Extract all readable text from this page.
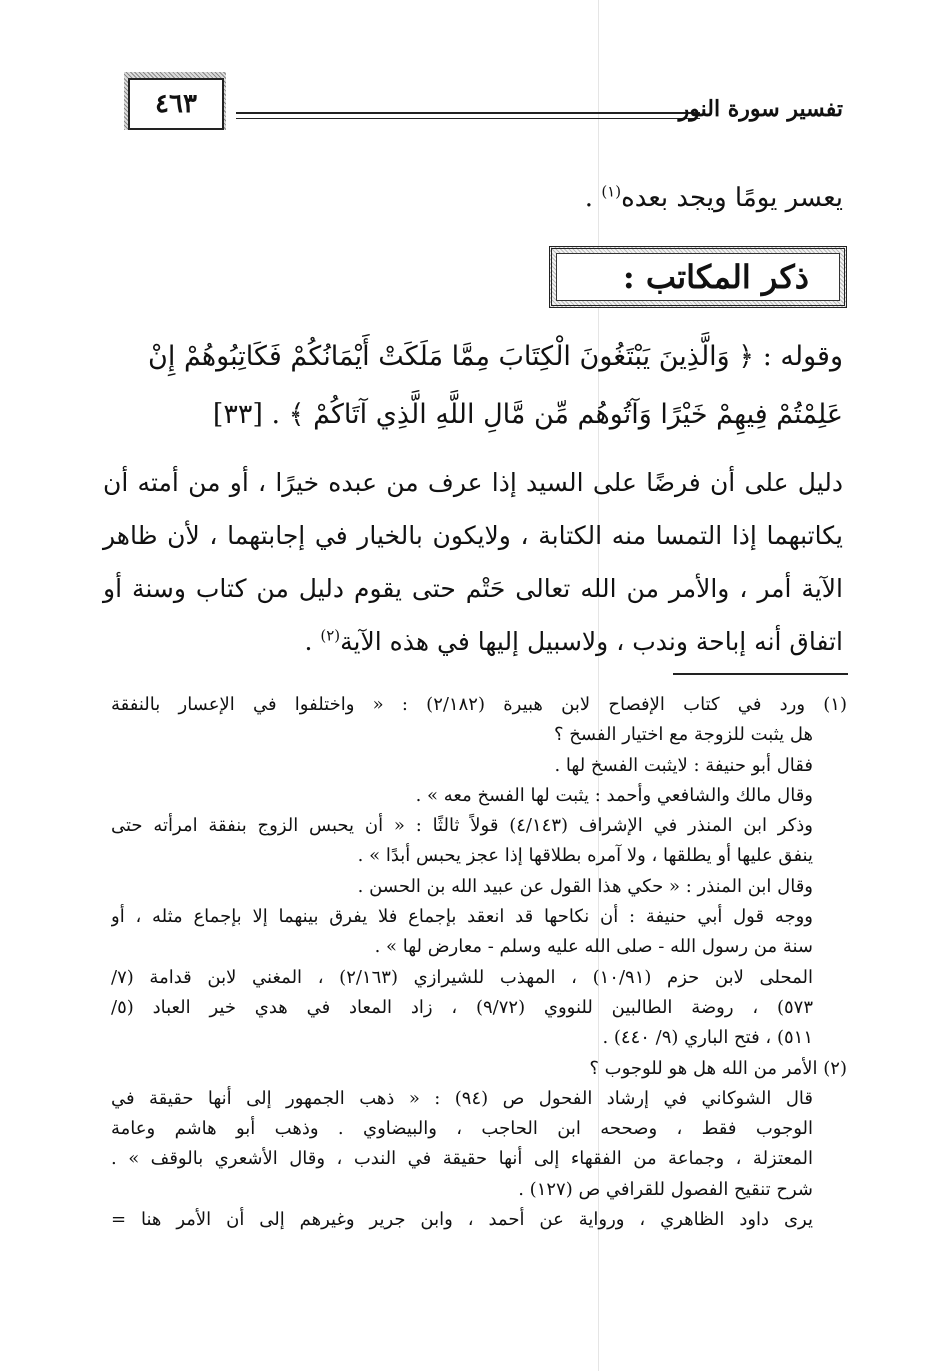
٤٦٣	تفسير سورة النور
يعسر يومًا ويجد بعده$^{(١)}$ .
ذكر المكاتب :
وقوله : ﴿ وَالَّذِينَ يَبْتَغُونَ الْكِتَابَ مِمَّا مَلَكَتْ أَيْمَانُكُمْ فَكَاتِبُوهُمْ إِنْ عَلِمْتُمْ فِيهِمْ خَيْرًا وَآتُوهُم مِّن مَّالِ اللَّهِ الَّذِي آتَاكُمْ ﴾ . [٣٣]
دليل على أن فرضًا على السيد إذا عرف من عبده خيرًا ، أو من أمته أن يكاتبهما إذا التمسا منه الكتابة ، ولايكون بالخيار في إجابتهما ، لأن ظاهر الآية أمر ، والأمر من الله تعالى حَتْم حتى يقوم دليل من كتاب وسنة أو اتفاق أنه إباحة وندب ، ولاسبيل إليها في هذه الآية$^{(٢)}$ .
(١) ورد في كتاب الإفصاح لابن هبيرة (٢/١٨٢) : « واختلفوا في الإعسار بالنفقة
هل يثبت للزوجة مع اختيار الفسخ ؟
فقال أبو حنيفة : لايثبت الفسخ لها .
وقال مالك والشافعي وأحمد : يثبت لها الفسخ معه » .
وذكر ابن المنذر في الإشراف (٤/١٤٣) قولاً ثالثًا : « أن يحبس الزوج بنفقة امرأته حتى
ينفق عليها أو يطلقها ، ولا آمره بطلاقها إذا عجز يحبس أبدًا » .
وقال ابن المنذر : « حكي هذا القول عن عبيد الله بن الحسن .
ووجه قول أبي حنيفة : أن نكاحها قد انعقد بإجماع فلا يفرق بينهما إلا بإجماع مثله ، أو
سنة من رسول الله - صلى الله عليه وسلم - معارض لها » .
المحلى لابن حزم (١٠/٩١) ، المهذب للشيرازي (٢/١٦٣) ، المغني لابن قدامة (٧/
٥٧٣) ، روضة الطالبين للنووي (٩/٧٢) ، زاد المعاد في هدي خير العباد (٥/
٥١١) ، فتح الباري (٩/ ٤٤٠) .
(٢) الأمر من الله هل هو للوجوب ؟
قال الشوكاني في إرشاد الفحول ص (٩٤) : « ذهب الجمهور إلى أنها حقيقة في
الوجوب فقط ، وصححه ابن الحاجب ، والبيضاوي . وذهب أبو هاشم وعامة
المعتزلة ، وجماعة من الفقهاء إلى أنها حقيقة في الندب ، وقال الأشعري بالوقف » .
شرح تنقيح الفصول للقرافي ص (١٢٧) .
يرى داود الظاهري ، ورواية عن أحمد ، وابن جرير وغيرهم إلى أن الأمر هنا =
